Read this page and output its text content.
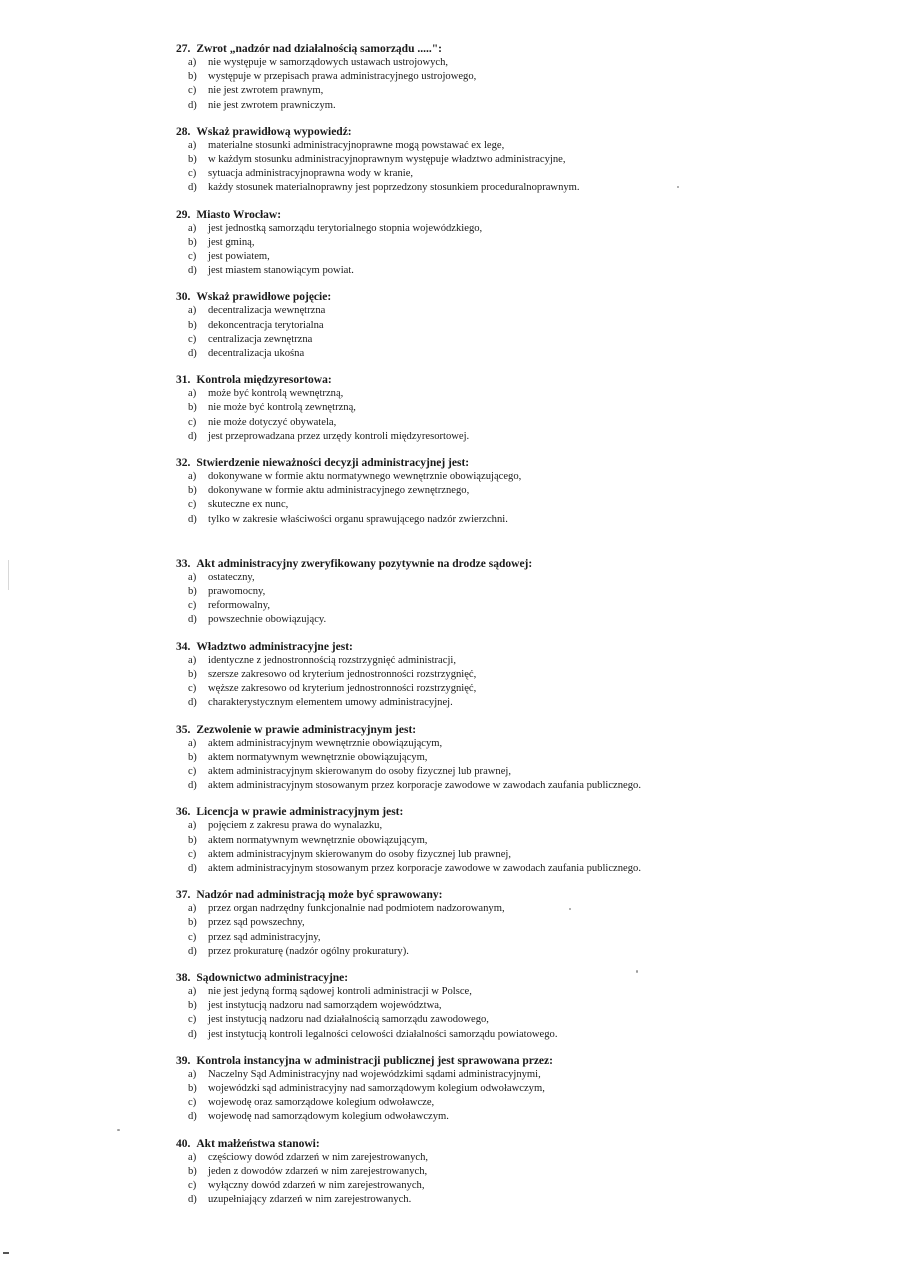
27. Zwrot „nadzór nad działalnością samorządu .....":

a) nie występuje w samorządowych ustawach ustrojowych,
b) występuje w przepisach prawa administracyjnego ustrojowego,
c) nie jest zwrotem prawnym,
d) nie jest zwrotem prawniczym.

28. Wskaż prawidłową wypowiedź:

a) materialne stosunki administracyjnoprawne mogą powstawać ex lege,
b) w każdym stosunku administracyjnoprawnym występuje władztwo administracyjne,
c) sytuacja administracyjnoprawna wody w kranie,
d) każdy stosunek materialnoprawny jest poprzedzony stosunkiem proceduralnoprawnym.

29. Miasto Wrocław:

a) jest jednostką samorządu terytorialnego stopnia wojewódzkiego,
b) jest gminą,
c) jest powiatem,
d) jest miastem stanowiącym powiat.

30. Wskaż prawidłowe pojęcie:

a) decentralizacja wewnętrzna
b) dekoncentracja terytorialna
c) centralizacja zewnętrzna
d) decentralizacja ukośna

31. Kontrola międzyresortowa:

a) może być kontrolą wewnętrzną,
b) nie może być kontrolą zewnętrzną,
c) nie może dotyczyć obywatela,
d) jest przeprowadzana przez urzędy kontroli międzyresortowej.

32. Stwierdzenie nieważności decyzji administracyjnej jest:

a) dokonywane w formie aktu normatywnego wewnętrznie obowiązującego,
b) dokonywane w formie aktu administracyjnego zewnętrznego,
c) skuteczne ex nunc,
d) tylko w zakresie właściwości organu sprawującego nadzór zwierzchni.

33. Akt administracyjny zweryfikowany pozytywnie na drodze sądowej:

a) ostateczny,
b) prawomocny,
c) reformowalny,
d) powszechnie obowiązujący.

34. Władztwo administracyjne jest:

a) identyczne z jednostronnością rozstrzygnięć administracji,
b) szersze zakresowo od kryterium jednostronności rozstrzygnięć,
c) węższe zakresowo od kryterium jednostronności rozstrzygnięć,
d) charakterystycznym elementem umowy administracyjnej.

35. Zezwolenie w prawie administracyjnym jest:

a) aktem administracyjnym wewnętrznie obowiązującym,
b) aktem normatywnym wewnętrznie obowiązującym,
c) aktem administracyjnym skierowanym do osoby fizycznej lub prawnej,
d) aktem administracyjnym stosowanym przez korporacje zawodowe w zawodach zaufania publicznego.

36. Licencja w prawie administracyjnym jest:

a) pojęciem z zakresu prawa do wynalazku,
b) aktem normatywnym wewnętrznie obowiązującym,
c) aktem administracyjnym skierowanym do osoby fizycznej lub prawnej,
d) aktem administracyjnym stosowanym przez korporacje zawodowe w zawodach zaufania publicznego.

37. Nadzór nad administracją może być sprawowany:

a) przez organ nadrzędny funkcjonalnie nad podmiotem nadzorowanym,
b) przez sąd powszechny,
c) przez sąd administracyjny,
d) przez prokuraturę (nadzór ogólny prokuratury).

38. Sądownictwo administracyjne:

a) nie jest jedyną formą sądowej kontroli administracji w Polsce,
b) jest instytucją nadzoru nad samorządem województwa,
c) jest instytucją nadzoru nad działalnością samorządu zawodowego,
d) jest instytucją kontroli legalności celowości działalności samorządu powiatowego.

39. Kontrola instancyjna w administracji publicznej jest sprawowana przez:

a) Naczelny Sąd Administracyjny nad wojewódzkimi sądami administracyjnymi,
b) wojewódzki sąd administracyjny nad samorządowym kolegium odwoławczym,
c) wojewodę oraz samorządowe kolegium odwoławcze,
d) wojewodę nad samorządowym kolegium odwoławczym.

40. Akt małżeństwa stanowi:

a) częściowy dowód zdarzeń w nim zarejestrowanych,
b) jeden z dowodów zdarzeń w nim zarejestrowanych,
c) wyłączny dowód zdarzeń w nim zarejestrowanych,
d) uzupełniający zdarzeń w nim zarejestrowanych.
